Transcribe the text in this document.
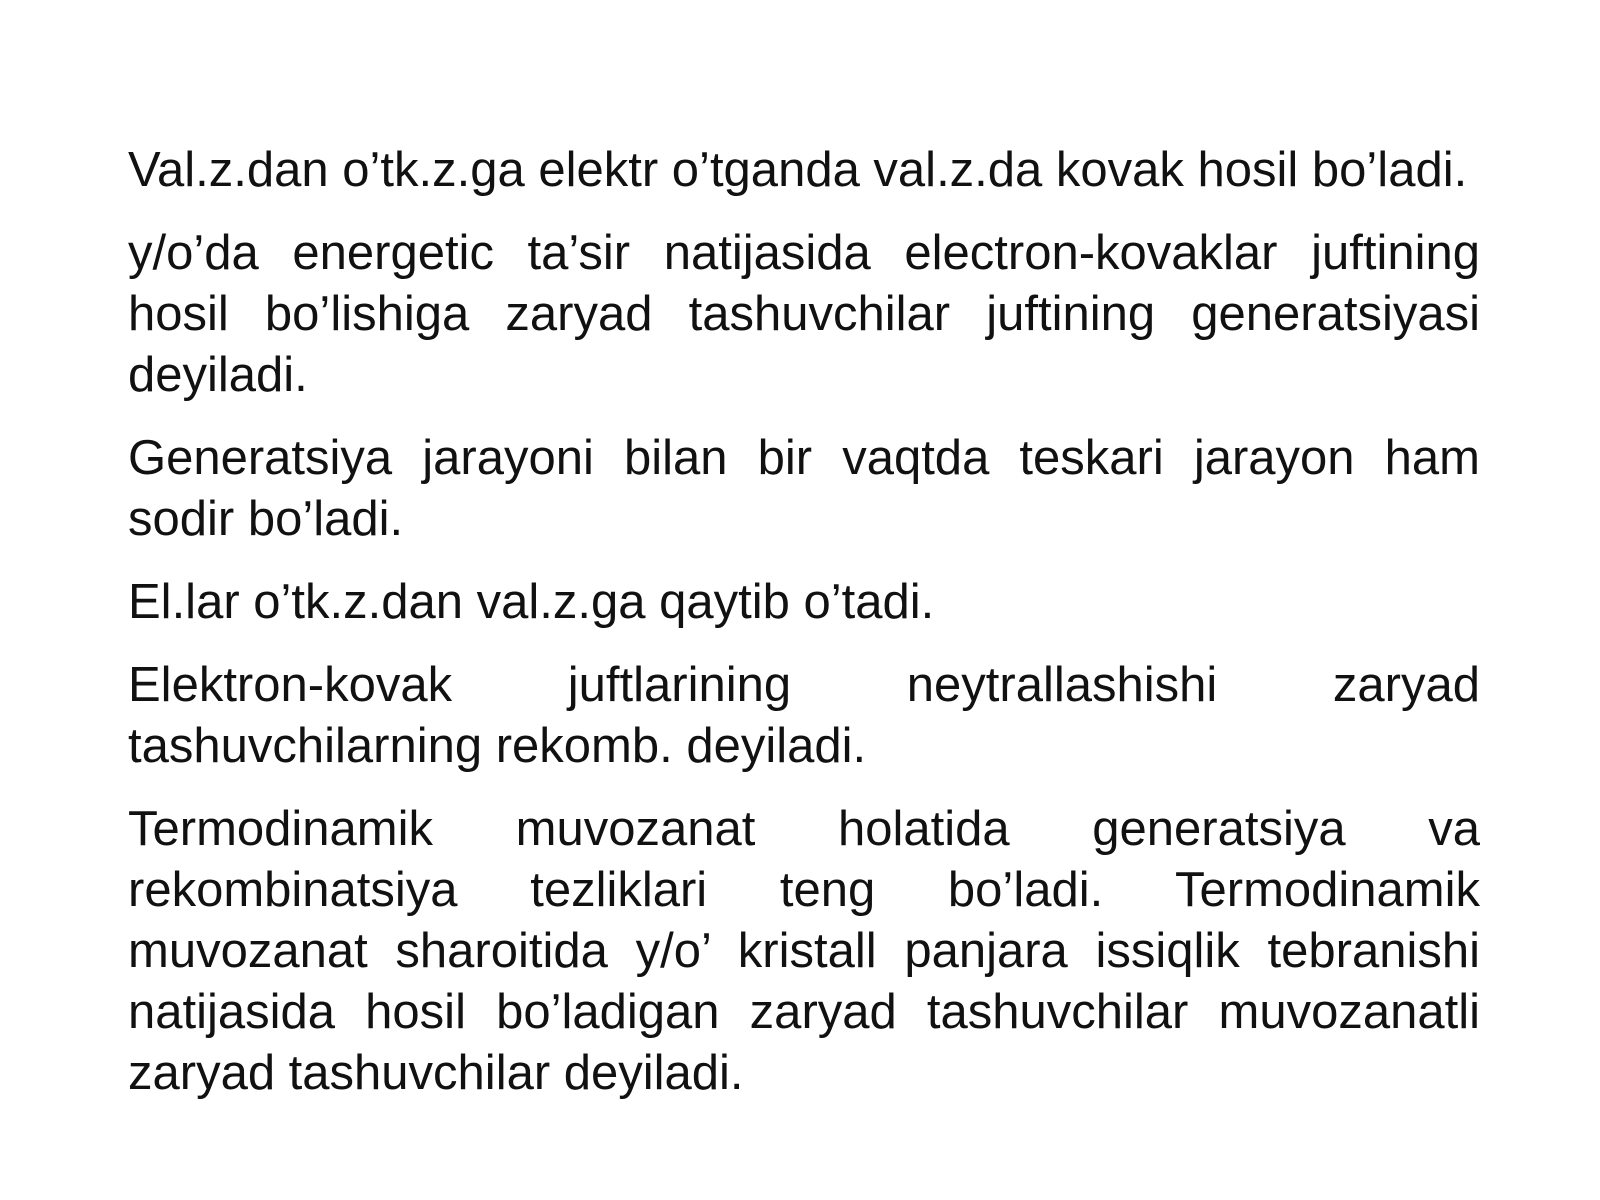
Val.z.dan o’tk.z.ga elektr o’tganda val.z.da kovak hosil bo’ladi.

y/o’da energetic ta’sir natijasida electron-kovaklar juftining hosil bo’lishiga zaryad tashuvchilar juftining generatsiyasi deyiladi.

Generatsiya jarayoni bilan bir vaqtda teskari jarayon ham sodir bo’ladi.

El.lar o’tk.z.dan val.z.ga qaytib o’tadi.

Elektron-kovak juftlarining neytrallashishi zaryad tashuvchilarning rekomb. deyiladi.

Termodinamik muvozanat holatida generatsiya va rekombinatsiya tezliklari teng bo’ladi. Termodinamik muvozanat sharoitida y/o’ kristall panjara issiqlik tebranishi natijasida hosil bo’ladigan zaryad tashuvchilar muvozanatli zaryad tashuvchilar deyiladi.
